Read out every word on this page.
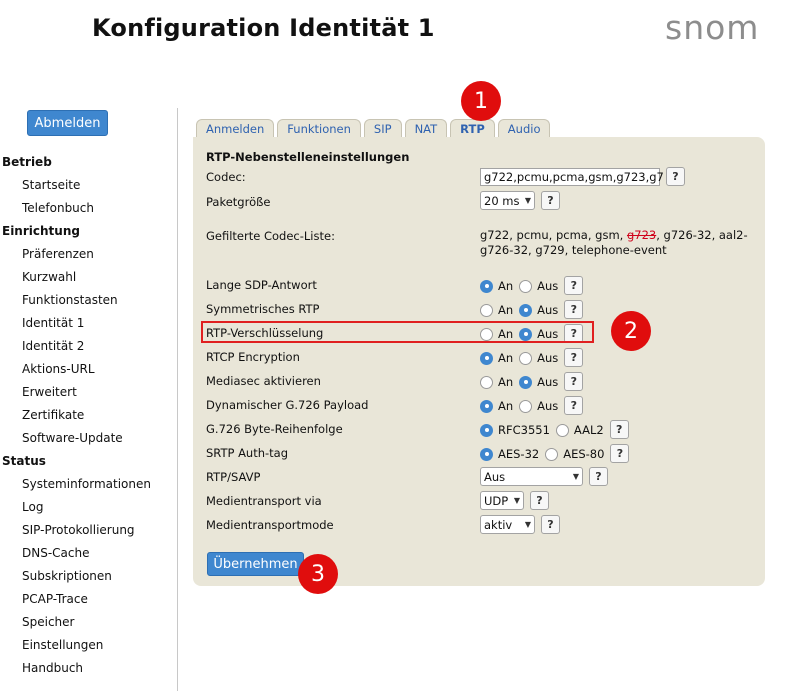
Konfiguration Identität 1	snom
Abmelden
Betrieb
Startseite
Telefonbuch
Einrichtung
Präferenzen
Kurzwahl
Funktionstasten
Identität 1
Identität 2
Aktions-URL
Erweitert
Zertifikate
Software-Update
Status
Systeminformationen
Log
SIP-Protokollierung
DNS-Cache
Subskriptionen
PCAP-Trace
Speicher
Einstellungen
Handbuch
Anmelden	Funktionen	SIP	NAT	RTP	Audio
RTP-Nebenstelleneinstellungen
Codec:	g722,pcmu,pcma,gsm,g723,g7 ?
Paketgröße	20 ms ▼	?
Gefilterte Codec-Liste:	g722, pcmu, pcma, gsm, g723, g726-32, aal2-g726-32, g729, telephone-event
Lange SDP-Antwort	An Aus	?
Symmetrisches RTP	An Aus	?
RTP-Verschlüsselung	An Aus	?
RTCP Encryption	An Aus	?
Mediasec aktivieren	An Aus	?
Dynamischer G.726 Payload	An Aus	?
G.726 Byte-Reihenfolge	RFC3551 AAL2	?
SRTP Auth-tag	AES-32 AES-80	?
RTP/SAVP	Aus	▼	?
Medientransport via	UDP ▼	?
Medientransportmode	aktiv ▼	?
Übernehmen
1
2
3
